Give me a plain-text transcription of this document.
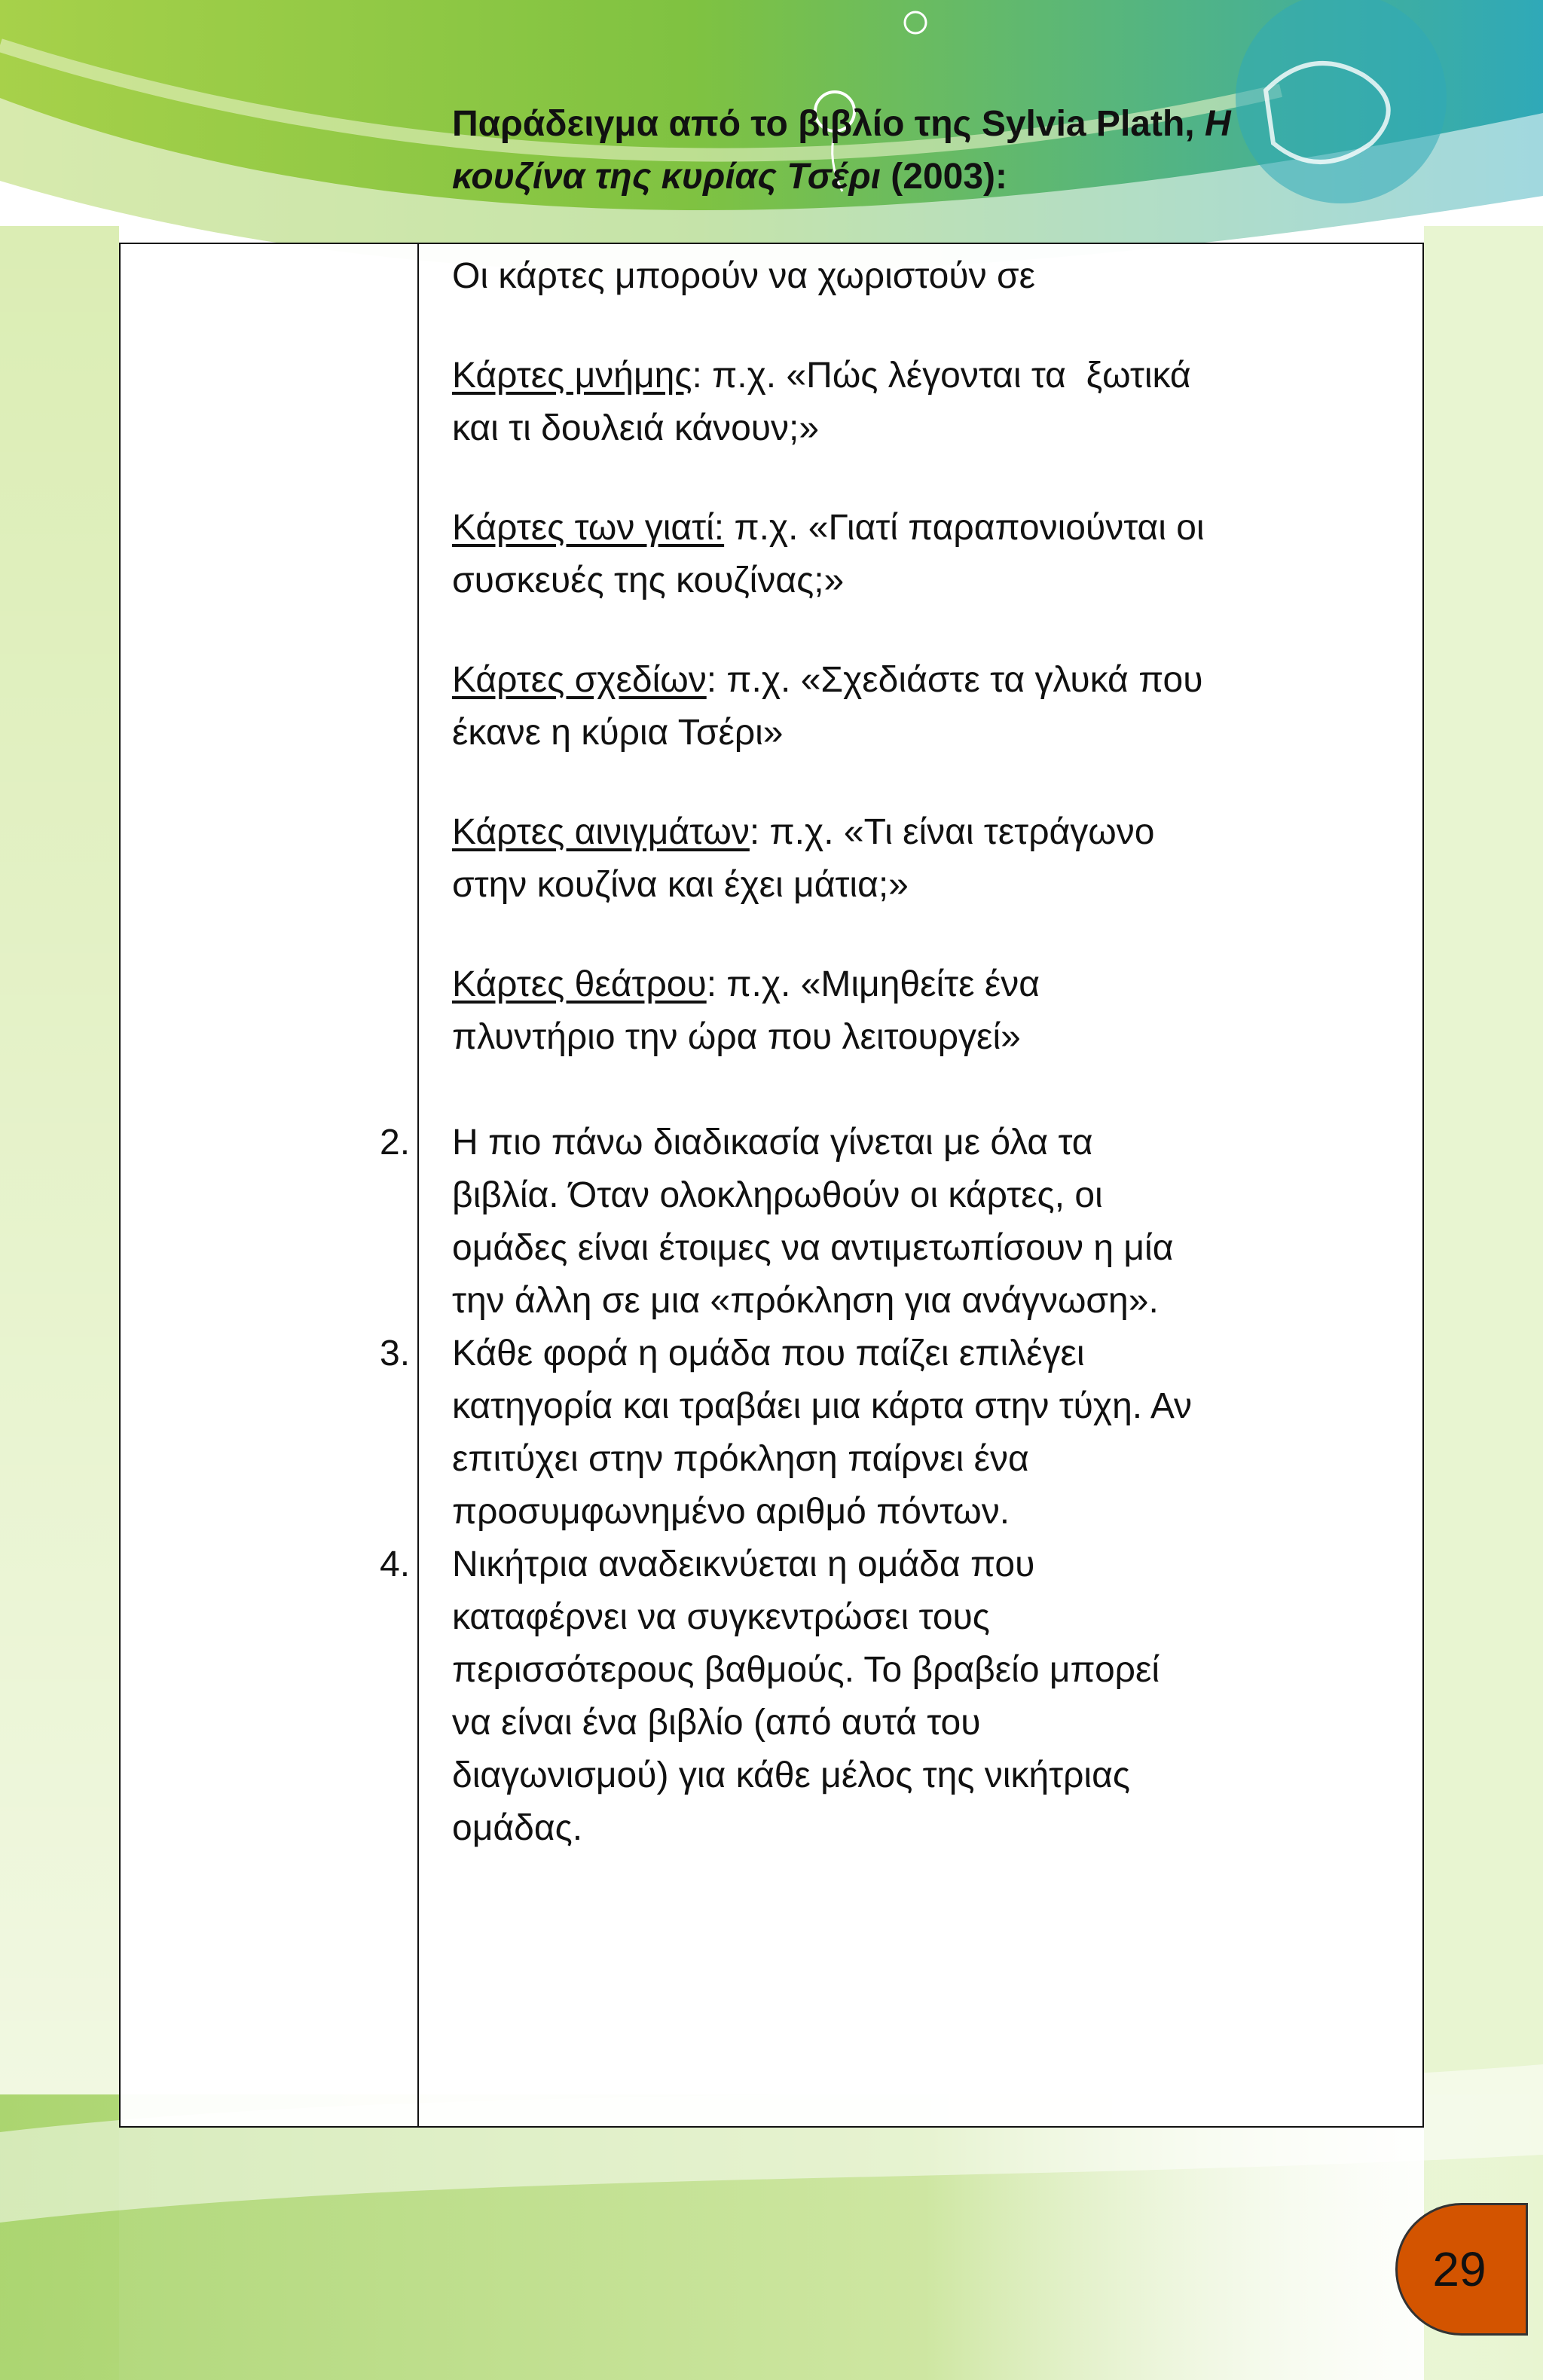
Παράδειγμα από το βιβλίο της Sylvia Plath, Η
κουζίνα της κυρίας Τσέρι (2003):

Οι κάρτες μπορούν να χωριστούν σε

Κάρτες μνήμης: π.χ. «Πώς λέγονται τα  ξωτικά
και τι δουλειά κάνουν;»

Κάρτες των γιατί: π.χ. «Γιατί παραπονιούνται οι
συσκευές της κουζίνας;»

Κάρτες σχεδίων: π.χ. «Σχεδιάστε τα γλυκά που
έκανε η κύρια Τσέρι»

Κάρτες αινιγμάτων: π.χ. «Τι είναι τετράγωνο
στην κουζίνα και έχει μάτια;»

Κάρτες θεάτρου: π.χ. «Μιμηθείτε ένα
πλυντήριο την ώρα που λειτουργεί»

2. Η πιο πάνω διαδικασία γίνεται με όλα τα
βιβλία. Όταν ολοκληρωθούν οι κάρτες, οι
ομάδες είναι έτοιμες να αντιμετωπίσουν η μία
την άλλη σε μια «πρόκληση για ανάγνωση».
3. Κάθε φορά η ομάδα που παίζει επιλέγει
κατηγορία και τραβάει μια κάρτα στην τύχη. Αν
επιτύχει στην πρόκληση παίρνει ένα
προσυμφωνημένο αριθμό πόντων.
4. Νικήτρια αναδεικνύεται η ομάδα που
καταφέρνει να συγκεντρώσει τους
περισσότερους βαθμούς. Το βραβείο μπορεί
να είναι ένα βιβλίο (από αυτά του
διαγωνισμού) για κάθε μέλος της νικήτριας
ομάδας.
29
